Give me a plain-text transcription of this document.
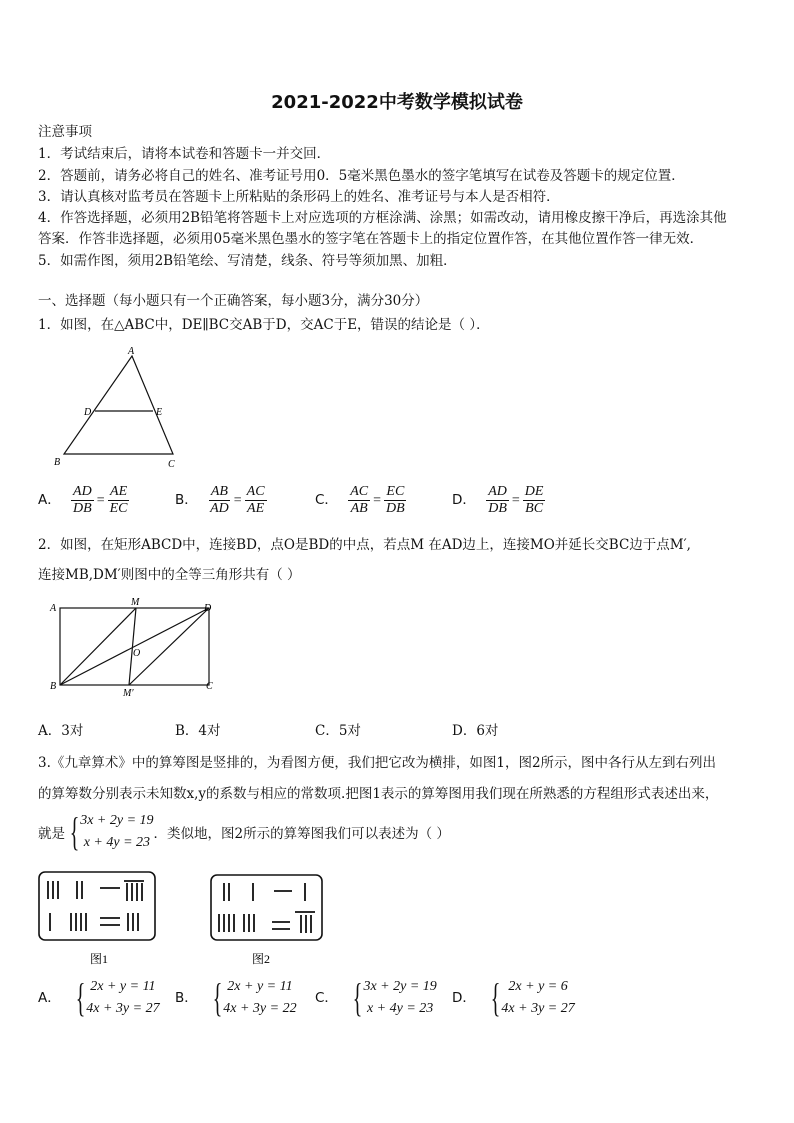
2021-2022中考数学模拟试卷
注意事项
1．考试结束后，请将本试卷和答题卡一并交回．
2．答题前，请务必将自己的姓名、准考证号用0．5毫米黑色墨水的签字笔填写在试卷及答题卡的规定位置．
3．请认真核对监考员在答题卡上所粘贴的条形码上的姓名、准考证号与本人是否相符．
4．作答选择题，必须用2B铅笔将答题卡上对应选项的方框涂满、涂黑；如需改动，请用橡皮擦干净后，再选涂其他
答案．作答非选择题，必须用05毫米黑色墨水的签字笔在答题卡上的指定位置作答，在其他位置作答一律无效．
5．如需作图，须用2B铅笔绘、写清楚，线条、符号等须加黑、加粗．
一、选择题（每小题只有一个正确答案，每小题3分，满分30分）
1．如图，在△ABC中，DE∥BC交AB于D，交AC于E，错误的结论是（ ）．
A
D	E
B	C
A． $\frac{AD}{DB} = \frac{AE}{EC}$	B． $\frac{AB}{AD} = \frac{AC}{AE}$	C． $\frac{AC}{AB} = \frac{EC}{DB}$	D． $\frac{AD}{DB} = \frac{DE}{BC}$
2．如图，在矩形ABCD中，连接BD，点O是BD的中点，若点M 在AD边上，连接MO并延长交BC边于点M′,
连接MB,DM′则图中的全等三角形共有（ ）
A
M
D
O
B
M′
C
A．3对	B．4对	C．5对	D．6对
3.《九章算术》中的算筹图是竖排的，为看图方便，我们把它改为横排，如图1，图2所示，图中各行从左到右列出
的算筹数分别表示未知数x,y的系数与相应的常数项.把图1表示的算筹图用我们现在所熟悉的方程组形式表述出来，
就是 { 3x + 2y = 19
x + 4y = 23
．类似地，图2所示的算筹图我们可以表述为（ ）
图1	图2
A． { 2x + y = 11
4x + 3y = 27
B． { 2x + y = 11
4x + 3y = 22
C． { 3x + 2y = 19
x + 4y = 23
D． { 2x + y = 6
4x + 3y = 27
